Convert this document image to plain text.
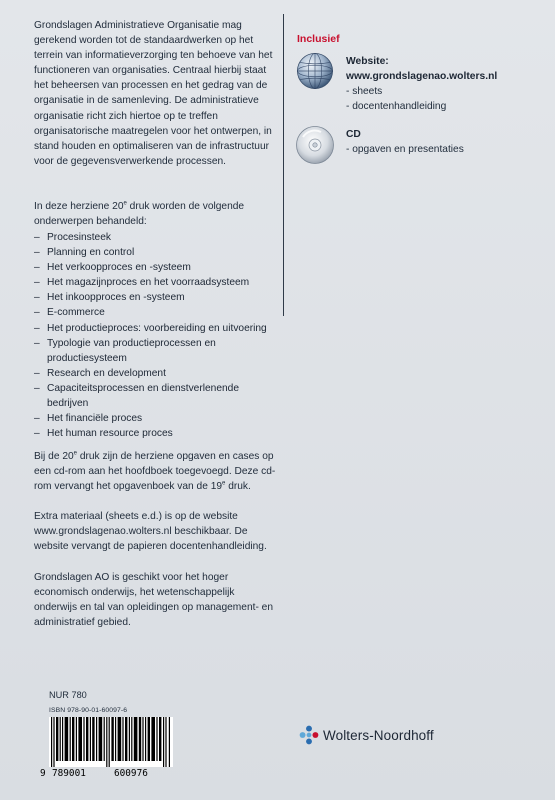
Grondslagen Administratieve Organisatie mag gerekend worden tot de standaardwerken op het terrein van informatieverzorging ten behoeve van het functioneren van organisaties. Centraal hierbij staat het beheersen van processen en het gedrag van de organisatie in de samenleving. De administratieve organisatie richt zich hiertoe op te treffen organisatorische maatregelen voor het ontwerpen, in stand houden en optimaliseren van de infrastructuur voor de gegevensverwerkende processen.
In deze herziene 20e druk worden de volgende onderwerpen behandeld:
– Procesinsteek
– Planning en control
– Het verkoopproces en -systeem
– Het magazijnproces en het voorraadsysteem
– Het inkoopproces en -systeem
– E-commerce
– Het productieproces: voorbereiding en uitvoering
– Typologie van productieprocessen en productiesysteem
– Research en development
– Capaciteitsprocessen en dienstverlenende bedrijven
– Het financiële proces
– Het human resource proces
Bij de 20e druk zijn de herziene opgaven en cases op een cd-rom aan het hoofdboek toegevoegd. Deze cd-rom vervangt het opgavenboek van de 19e druk.
Extra materiaal (sheets e.d.) is op de website www.grondslagenao.wolters.nl beschikbaar. De website vervangt de papieren docentenhandleiding.
Grondslagen AO is geschikt voor het hoger economisch onderwijs, het wetenschappelijk onderwijs en tal van opleidingen op management- en administratief gebied.
Inclusief
Website:
www.grondslagenao.wolters.nl
- sheets
- docentenhandleiding
CD
- opgaven en presentaties
NUR 780
ISBN 978-90-01-60097-6
9 789001	600976
Wolters-Noordhoff
